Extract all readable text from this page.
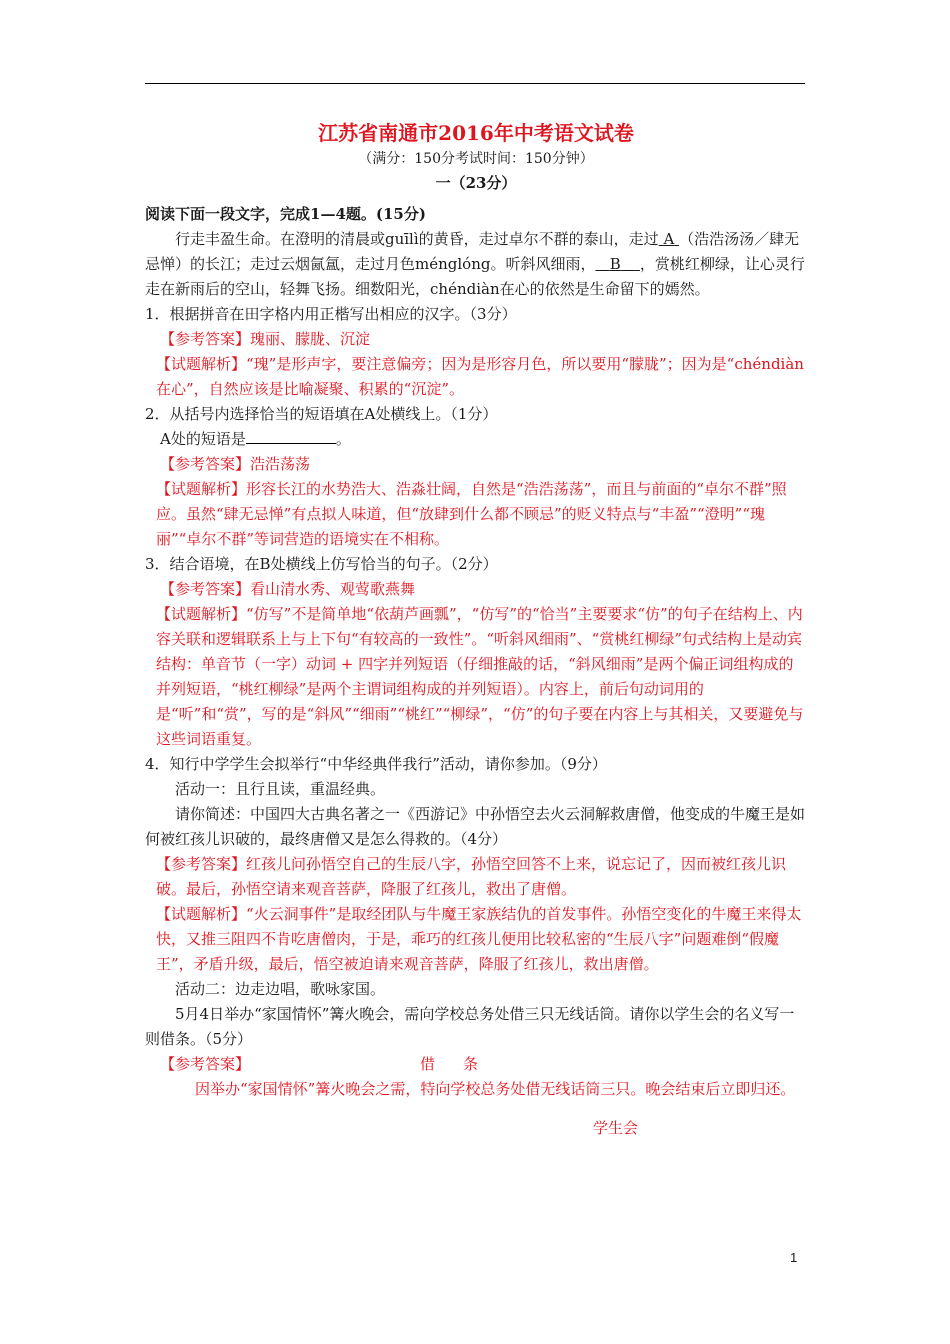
江苏省南通市2016年中考语文试卷
（满分：150分考试时间：150分钟）
一（23分）
阅读下面一段文字，完成1—4题。(15分)
行走丰盈生命。在澄明的清晨或guīlì的黄昏，走过卓尔不群的泰山，走过 A （浩浩汤汤／肆无忌惮）的长江；走过云烟氤氲，走过月色ménglóng。听斜风细雨， B ，赏桃红柳绿，让心灵行走在新雨后的空山，轻舞飞扬。细数阳光，chéndiàn在心的依然是生命留下的嫣然。
1．根据拼音在田字格内用正楷写出相应的汉字。（3分）
【参考答案】瑰丽、朦胧、沉淀
【试题解析】“瑰”是形声字，要注意偏旁；因为是形容月色，所以要用“朦胧”；因为是“chéndiàn在心”，自然应该是比喻凝聚、积累的“沉淀”。
2．从括号内选择恰当的短语填在A处横线上。（1分）
A处的短语是	。
【参考答案】浩浩荡荡
【试题解析】形容长江的水势浩大、浩淼壮阔，自然是“浩浩荡荡”，而且与前面的“卓尔不群”照应。虽然“肆无忌惮”有点拟人味道，但“放肆到什么都不顾忌”的贬义特点与“丰盈”“澄明”“瑰丽”“卓尔不群”等词营造的语境实在不相称。
3．结合语境，在B处横线上仿写恰当的句子。（2分）
【参考答案】看山清水秀、观莺歌燕舞
【试题解析】“仿写”不是简单地“依葫芦画瓢”，“仿写”的“恰当”主要要求“仿”的句子在结构上、内容关联和逻辑联系上与上下句“有较高的一致性”。“听斜风细雨”、“赏桃红柳绿”句式结构上是动宾结构：单音节（一字）动词 + 四字并列短语（仔细推敲的话，“斜风细雨”是两个偏正词组构成的并列短语，“桃红柳绿”是两个主谓词组构成的并列短语）。内容上，前后句动词用的是“听”和“赏”，写的是“斜风”“细雨”“桃红”“柳绿”，“仿”的句子要在内容上与其相关，又要避免与这些词语重复。
4．知行中学学生会拟举行“中华经典伴我行”活动，请你参加。（9分）
活动一：且行且读，重温经典。
请你简述：中国四大古典名著之一《西游记》中孙悟空去火云洞解救唐僧，他变成的牛魔王是如何被红孩儿识破的，最终唐僧又是怎么得救的。（4分）
【参考答案】红孩儿问孙悟空自己的生辰八字，孙悟空回答不上来，说忘记了，因而被红孩儿识破。最后，孙悟空请来观音菩萨，降服了红孩儿，救出了唐僧。
【试题解析】“火云洞事件”是取经团队与牛魔王家族结仇的首发事件。孙悟空变化的牛魔王来得太快，又推三阻四不肯吃唐僧肉，于是，乖巧的红孩儿便用比较私密的“生辰八字”问题难倒“假魔王”，矛盾升级，最后，悟空被迫请来观音菩萨，降服了红孩儿，救出唐僧。
活动二：边走边唱，歌咏家国。
5月4日举办“家国情怀”篝火晚会，需向学校总务处借三只无线话筒。请你以学生会的名义写一则借条。（5分）
【参考答案】	借条
因举办“家国情怀”篝火晚会之需，特向学校总务处借无线话筒三只。晚会结束后立即归还。
学生会
1
